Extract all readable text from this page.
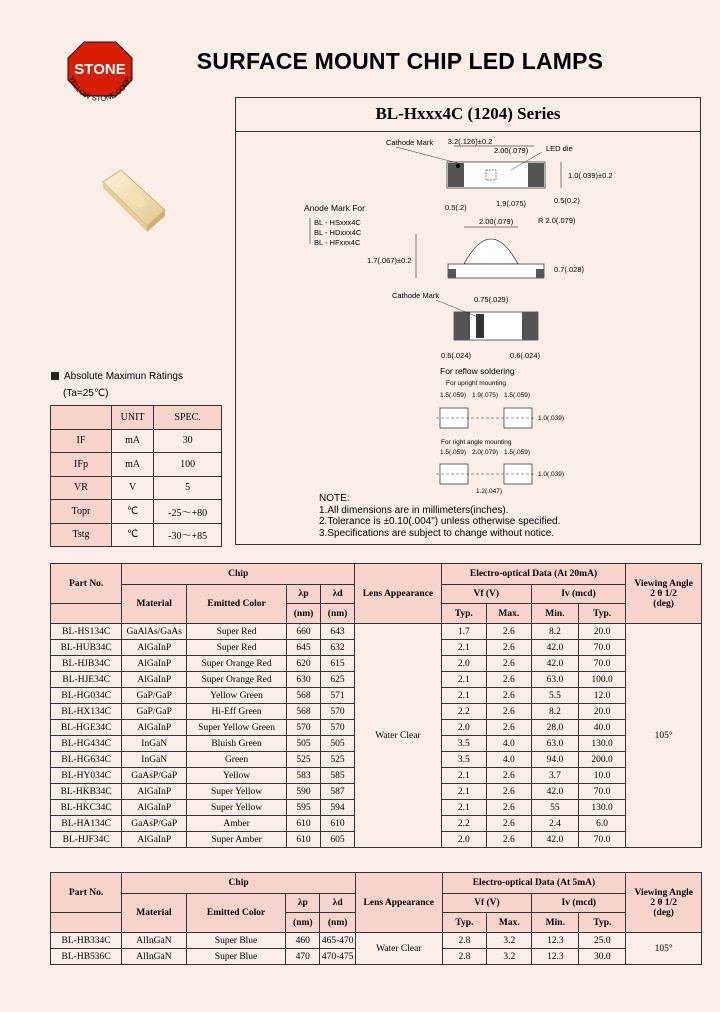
STONE
YELLOW STONE CORP.
SURFACE MOUNT CHIP LED LAMPS
BL-Hxxx4C (1204) Series
Cathode Mark
LED die
3.2(.126)±0.2
2.00(.079)
1.0(.039)±0.2
0.5(.2)	1.9(.075)	0.5(0.2)
Anode Mark For
BL - HSxxx4C
BL - HDxxx4C
BL - HFxxx4C
2.00(.079)	R 2.0(.079)
1.7(.067)±0.2
0.7(.028)
Cathode Mark	0.75(.029)
0.6(.024)	0.6(.024)
For reflow soldering
For upright mounting
1.5(.059) 1.9(.075) 1.5(.059)
1.0(.039)
For right angle mounting
1.5(.059) 2.0(.079) 1.5(.059)
1.0(.039)
1.2(.047)
Absolute Maximun Ratings
(Ta=25℃)
	UNIT	SPEC.
IF	mA	30
IFp	mA	100
VR	V	5
Topr	℃	-25～+80
Tstg	℃	-30～+85
NOTE:
1.All dimensions are in millimeters(inches).
2.Tolerance is ±0.10(.004") unless otherwise specified.
3.Specifications are subject to change without notice.
Part No.	Chip				Lens Appearance	Electro-optical Data (At 20mA)				Viewing Angle
2 θ 1/2
(deg)
	Material	Emitted Color	λp	λd		Vf (V)		Iv (mcd)		
			(nm)	(nm)		Typ.	Max.	Min.	Typ.	
BL-HS134C	GaAlAs/GaAs	Super Red	660	643	Water Clear	1.7	2.6	8.2	20.0	105°
BL-HUB34C	AlGaInP	Super Red	645	632		2.1	2.6	42.0	70.0	
BL-HJB34C	AlGaInP	Super Orange Red	620	615		2.0	2.6	42.0	70.0	
BL-HJE34C	AlGaInP	Super Orange Red	630	625		2.1	2.6	63.0	100.0	
BL-HG034C	GaP/GaP	Yellow Green	568	571		2.1	2.6	5.5	12.0	
BL-HX134C	GaP/GaP	Hi-Eff Green	568	570		2.2	2.6	8.2	20.0	
BL-HGE34C	AlGaInP	Super Yellow Green	570	570		2.0	2.6	28.0	40.0	
BL-HG434C	InGaN	Bluish Green	505	505		3.5	4.0	63.0	130.0	
BL-HG634C	InGaN	Green	525	525		3.5	4.0	94.0	200.0	
BL-HY034C	GaAsP/GaP	Yellow	583	585		2.1	2.6	3.7	10.0	
BL-HKB34C	AlGaInP	Super Yellow	590	587		2.1	2.6	42.0	70.0	
BL-HKC34C	AlGaInP	Super Yellow	595	594		2.1	2.6	55	130.0	
BL-HA134C	GaAsP/GaP	Amber	610	610		2.2	2.6	2.4	6.0	
BL-HJF34C	AlGaInP	Super Amber	610	605		2.0	2.6	42.0	70.0	
Part No.	Chip				Lens Appearance	Electro-optical Data (At 5mA)				Viewing Angle
2 θ 1/2
(deg)
	Material	Emitted Color	λp	λd		Vf (V)		Iv (mcd)		
			(nm)	(nm)		Typ.	Max.	Min.	Typ.	
BL-HB334C	AlInGaN	Super Blue	460	465-470	Water Clear	2.8	3.2	12.3	25.0	105°
BL-HB536C	AlInGaN	Super Blue	470	470-475		2.8	3.2	12.3	30.0	
